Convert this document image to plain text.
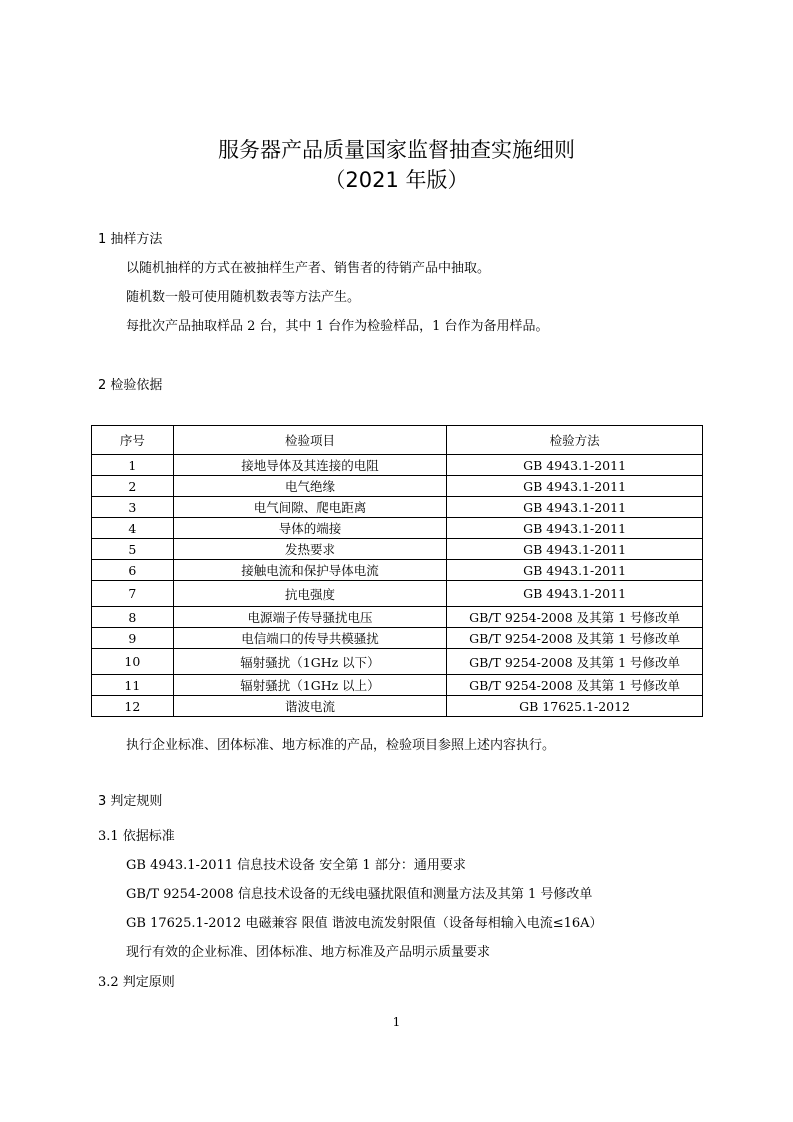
服务器产品质量国家监督抽查实施细则
（2021 年版）
1 抽样方法
以随机抽样的方式在被抽样生产者、销售者的待销产品中抽取。
随机数一般可使用随机数表等方法产生。
每批次产品抽取样品 2 台，其中 1 台作为检验样品，1 台作为备用样品。
2 检验依据
序号	检验项目	检验方法
1	接地导体及其连接的电阻	GB 4943.1-2011
2	电气绝缘	GB 4943.1-2011
3	电气间隙、爬电距离	GB 4943.1-2011
4	导体的端接	GB 4943.1-2011
5	发热要求	GB 4943.1-2011
6	接触电流和保护导体电流	GB 4943.1-2011
7	抗电强度	GB 4943.1-2011
8	电源端子传导骚扰电压	GB/T 9254-2008 及其第 1 号修改单
9	电信端口的传导共模骚扰	GB/T 9254-2008 及其第 1 号修改单
10	辐射骚扰（1GHz 以下）	GB/T 9254-2008 及其第 1 号修改单
11	辐射骚扰（1GHz 以上）	GB/T 9254-2008 及其第 1 号修改单
12	谐波电流	GB 17625.1-2012
执行企业标准、团体标准、地方标准的产品，检验项目参照上述内容执行。
3 判定规则
3.1 依据标准
GB 4943.1-2011 信息技术设备 安全第 1 部分：通用要求
GB/T 9254-2008 信息技术设备的无线电骚扰限值和测量方法及其第 1 号修改单
GB 17625.1-2012 电磁兼容 限值 谐波电流发射限值（设备每相输入电流≤16A）
现行有效的企业标准、团体标准、地方标准及产品明示质量要求
3.2 判定原则
1
